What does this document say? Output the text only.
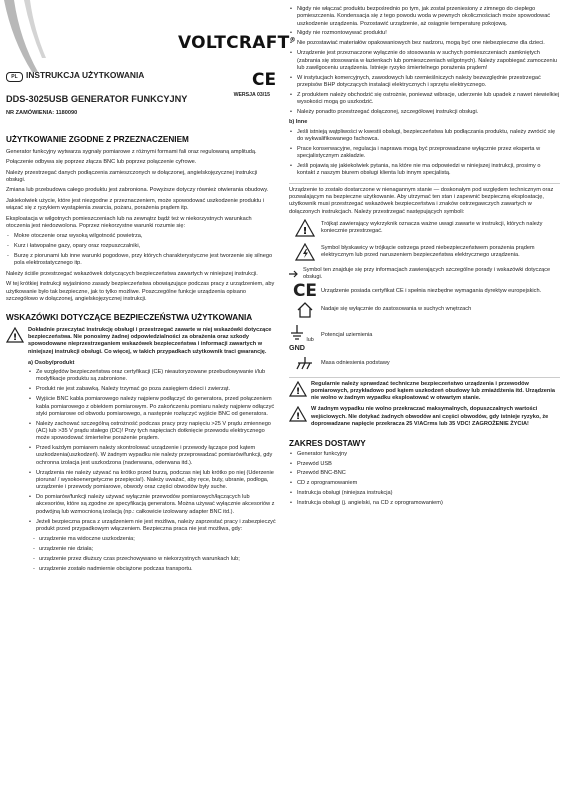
VOLTCRAFT®
CE
PL INSTRUKCJA UŻYTKOWANIA
DDS-3025USB GENERATOR FUNKCYJNY	WERSJA 03/15
NR ZAMÓWIENIA: 1180090
UŻYTKOWANIE ZGODNE Z PRZEZNACZENIEM

Generator funkcyjny wytwarza sygnały pomiarowe z różnymi formami fali oraz regulowaną amplitudą.

Połączenie odbywa się poprzez złącza BNC lub poprzez połączenie cyfrowe.

Należy przestrzegać danych podłączenia zamieszczonych w dołączonej, angielskojęzycznej instrukcji obsługi.

Zmiana lub przebudowa całego produktu jest zabroniona. Powyższe dotyczy również otwierania obudowy.

Jakiekolwiek użycie, które jest niezgodne z przeznaczeniem, może spowodować uszkodzenie produktu i wiązać się z ryzykiem wystąpienia zwarcia, pożaru, porażenia prądem itp.

Eksploatacja w wilgotnych pomieszczeniach lub na zewnątrz bądź też w niekorzystnych warunkach otoczenia jest niedozwolona. Poprzez niekorzystne warunki rozumie się:

- Mokre otoczenie oraz wysoką wilgotność powietrza,
- Kurz i łatwopalne gazy, opary oraz rozpuszczalniki,
- Burzę z piorunami lub inne warunki pogodowe, przy których charakterystyczne jest tworzenie się silnego pola elektrostatycznego itp.

Należy ściśle przestrzegać wskazówek dotyczących bezpieczeństwa zawartych w niniejszej instrukcji.

W tej krótkiej instrukcji wyjaśniono zasady bezpieczeństwa obowiązujące podczas pracy z urządzeniem, aby użytkowanie było tak bezpieczne, jak to tylko możliwe. Poszczególne funkcje urządzenia opisano szczegółowo w dołączonej, angielskojęzycznej instrukcji.

WSKAZÓWKI DOTYCZĄCE BEZPIECZEŃSTWA UŻYTKOWANIA
!
Dokładnie przeczytać instrukcję obsługi i przestrzegać zawarte w niej wskazówki dotyczące bezpieczeństwa. Nie ponosimy żadnej odpowiedzialności za obrażenia oraz szkody spowodowane nieprzestrzeganiem wskazówek bezpieczeństwa i informacji zawartych w niniejszej instrukcji obsługi. Co więcej, w takich przypadkach użytkownik traci gwarancję.
a) Osoby/produkt
• Ze względów bezpieczeństwa oraz certyfikacji (CE) nieautoryzowane przebudowywanie i/lub modyfikacje produktu są zabronione.
• Produkt nie jest zabawką. Należy trzymać go poza zasięgiem dzieci i zwierząt.
• Wyjście BNC kabla pomiarowego należy najpierw podłączyć do generatora, przed połączeniem kabla pomiarowego z obiektem pomiarowym. Po zakończeniu pomiaru należy najpierw odłączyć styki pomiarowe od obwodu pomiarowego, a następnie rozłączyć wyjście BNC od generatora.
• Należy zachować szczególną ostrożność podczas pracy przy napięciu >25 V prądu zmiennego (AC) lub >35 V prądu stałego (DC)! Przy tych napięciach dotknięcie przewodu elektrycznego może spowodować śmiertelne porażenie prądem.
• Przed każdym pomiarem należy skontrolować urządzenie i przewody łączące pod kątem uszkodzenia(uszkodzeń). W żadnym wypadku nie należy przeprowadzać pomiarów/funkcji, gdy ochronna izolacja jest uszkodzona (naderwana, oderwana itd.).
• Urządzenia nie należy używać na krótko przed burzą, podczas niej lub krótko po niej (Uderzenie pioruna! / wysokoenergetyczne przepięcia!). Należy uważać, aby ręce, buty, ubranie, podłoga, urządzenie i przewody pomiarowe, obwody oraz części obwodów były suche.
• Do pomiarów/funkcji należy używać wyłącznie przewodów pomiarowych/łączących lub akcesoriów, które są zgodne ze specyfikacją generatora. Można używać wyłącznie akcesoriów z podwójną lub wzmocnioną izolacją (np.: całkowicie izolowany adapter BNC itd.).
• Jeżeli bezpieczna praca z urządzeniem nie jest możliwa, należy zaprzestać pracy i zabezpieczyć produkt przed przypadkowym włączeniem. Bezpieczna praca nie jest możliwa, gdy:
- urządzenie ma widoczne uszkodzenia;
- urządzenie nie działa;
- urządzenie przez dłuższy czas przechowywano w niekorzystnych warunkach lub;
- urządzenie zostało nadmiernie obciążone podczas transportu.
• Nigdy nie włączać produktu bezpośrednio po tym, jak został przeniesiony z zimnego do ciepłego pomieszczenia. Kondensacja się z tego powodu woda w pewnych okolicznościach może spowodować uszkodzenie urządzenia. Pozostawić urządzenie, aż osiągnie temperaturę pokojową.
• Nigdy nie rozmontowywać produktu!
• Nie pozostawiać materiałów opakowaniowych bez nadzoru, mogą być one niebezpieczne dla dzieci.
• Urządzenie jest przeznaczone wyłącznie do stosowania w suchych pomieszczeniach zamkniętych (zabrania się stosowania w łazienkach lub pomieszczeniach wilgotnych). Należy zapobiegać zamoczeniu lub zawilgoceniu urządzenia. Istnieje ryzyko śmiertelnego porażenia prądem!
• W instytucjach komercyjnych, zawodowych lub rzemieślniczych należy bezwzględnie przestrzegać przepisów BHP dotyczących instalacji elektrycznych i sprzętu elektrycznego.
• Z produktem należy obchodzić się ostrożnie, ponieważ wibracje, uderzenie lub upadek z nawet niewielkiej wysokości mogą go uszkodzić.
• Należy ponadto przestrzegać dołączonej, szczegółowej instrukcji obsługi.
b) Inne
• Jeśli istnieją wątpliwości w kwestii obsługi, bezpieczeństwa lub podłączania produktu, należy zwrócić się do wykwalifikowanego fachowca.
• Prace konserwacyjne, regulacja i naprawa mogą być przeprowadzane wyłącznie przez eksperta w specjalistycznym zakładzie.
• Jeśli pojawią się jakiekolwiek pytania, na które nie ma odpowiedzi w niniejszej instrukcji, prosimy o kontakt z naszym biurem obsługi klienta lub innym specjalistą.

Urządzenie to zostało dostarczone w nienagannym stanie — doskonałym pod względem technicznym oraz pozwalającym na bezpieczne użytkowanie. Aby utrzymać ten stan i zapewnić bezpieczną eksploatację, użytkownik musi przestrzegać wskazówek bezpieczeństwa i znaków ostrzegawczych zawartych w dołączonych instrukcjach. Należy przestrzegać następujących symboli:

!
Trójkąt zawierający wykrzyknik oznacza ważne uwagi zawarte w instrukcji, których należy koniecznie przestrzegać.
Symbol błyskawicy w trójkącie ostrzega przed niebezpieczeństwem porażenia prądem elektrycznym lub przed naruszeniem bezpieczeństwa elektrycznego urządzenia.
Symbol ten znajduje się przy informacjach zawierających szczególne porady i wskazówki dotyczące obsługi.
CE Urządzenie posiada certyfikat CE i spełnia niezbędne wymagania dyrektyw europejskich.
Nadaje się wyłącznie do zastosowania w suchych wnętrzach
lub
GND
Potencjał uziemienia
Masa odniesienia podstawy
!
Regularnie należy sprawdzać techniczne bezpieczeństwo urządzenia i przewodów pomiarowych, przykładowo pod kątem uszkodzeń obudowy lub zmiażdżenia itd. Urządzenia nie wolno w żadnym wypadku eksploatować w otwartym stanie.
!
W żadnym wypadku nie wolno przekraczać maksymalnych, dopuszczalnych wartości wejściowych. Nie dotykać żadnych obwodów ani części obwodów, gdy istnieje ryzyko, że doprowadzane napięcie przekracza 25 V/ACrms lub 35 VDC! ZAGROŻENIE ŻYCIA!
ZAKRES DOSTAWY
• Generator funkcyjny
• Przewód USB
• Przewód BNC-BNC
• CD z oprogramowaniem
• Instrukcja obsługi (niniejsza instrukcja)
• Instrukcja obsługi (j. angielski, na CD z oprogramowaniem)
